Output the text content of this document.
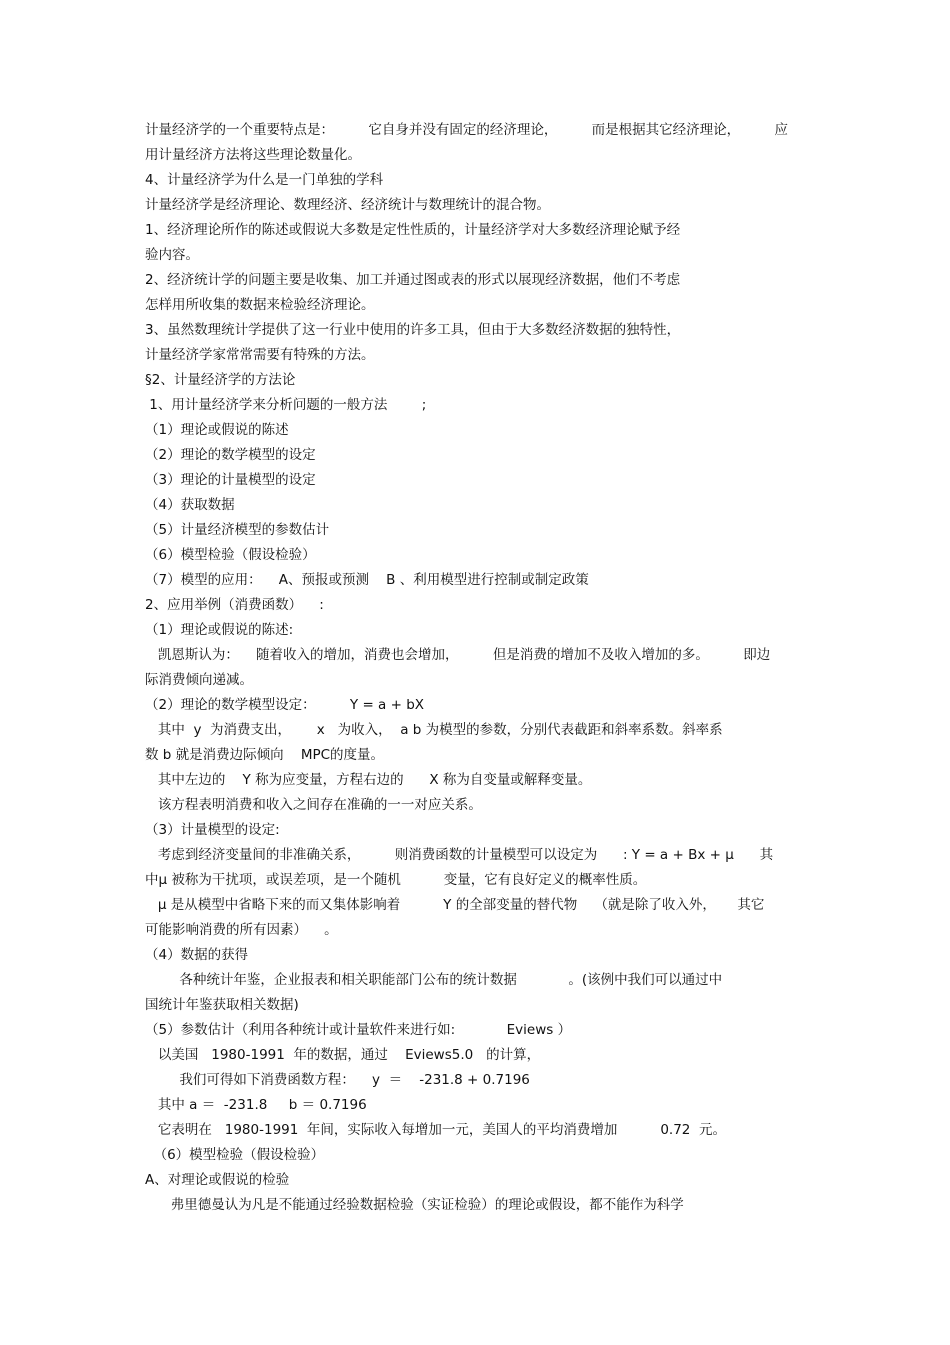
计量经济学的一个重要特点是：        它自身并没有固定的经济理论，        而是根据其它经济理论，        应
用计量经济方法将这些理论数量化。
4、计量经济学为什么是一门单独的学科
计量经济学是经济理论、数理经济、经济统计与数理统计的混合物。
1、经济理论所作的陈述或假说大多数是定性性质的，计量经济学对大多数经济理论赋予经
验内容。
2、经济统计学的问题主要是收集、加工并通过图或表的形式以展现经济数据，他们不考虑
怎样用所收集的数据来检验经济理论。
3、虽然数理统计学提供了这一行业中使用的许多工具，但由于大多数经济数据的独特性，
计量经济学家常常需要有特殊的方法。
§2、计量经济学的方法论
1、用计量经济学来分析问题的一般方法        ;
（1）理论或假说的陈述
（2）理论的数学模型的设定
（3）理论的计量模型的设定
（4）获取数据
（5）计量经济模型的参数估计
（6）模型检验（假设检验）
（7）模型的应用：    A、预报或预测    B 、利用模型进行控制或制定政策
2、应用举例（消费函数）    :
（1）理论或假说的陈述:
凯恩斯认为：    随着收入的增加，消费也会增加，        但是消费的增加不及收入增加的多。        即边
际消费倾向递减。
（2）理论的数学模型设定：        Y = a + bX
其中  y  为消费支出，      x   为收入，  a b 为模型的参数，分别代表截距和斜率系数。斜率系
数 b 就是消费边际倾向    MPC的度量。
其中左边的    Y 称为应变量，方程右边的      X 称为自变量或解释变量。
该方程表明消费和收入之间存在准确的一一对应关系。
（3）计量模型的设定:
考虑到经济变量间的非准确关系，        则消费函数的计量模型可以设定为      : Y = a + Bx + μ      其
中μ 被称为干扰项，或误差项，是一个随机          变量，它有良好定义的概率性质。
μ 是从模型中省略下来的而又集体影响着          Y 的全部变量的替代物    （就是除了收入外，     其它
可能影响消费的所有因素）    。
（4）数据的获得
各种统计年鉴，企业报表和相关职能部门公布的统计数据            。(该例中我们可以通过中
国统计年鉴获取相关数据)
（5）参数估计（利用各种统计或计量软件来进行如:            Eviews ）
以美国   1980-1991  年的数据，通过    Eviews5.0   的计算，
我们可得如下消费函数方程：    y  ＝    -231.8 + 0.7196
其中 a ＝  -231.8     b ＝ 0.7196
它表明在   1980-1991  年间，实际收入每增加一元，美国人的平均消费增加          0.72  元。
（6）模型检验（假设检验）
A、对理论或假说的检验
弗里德曼认为凡是不能通过经验数据检验（实证检验）的理论或假设，都不能作为科学
